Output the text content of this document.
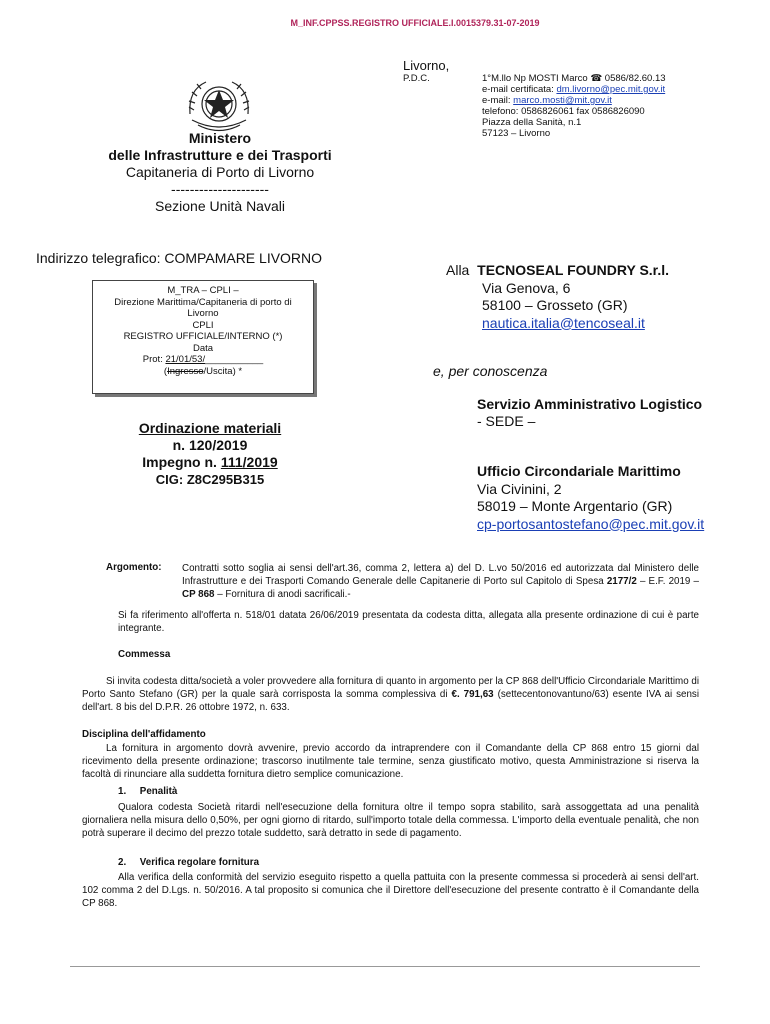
M_INF.CPPSS.REGISTRO UFFICIALE.I.0015379.31-07-2019
Ministero
delle Infrastrutture e dei Trasporti
Capitaneria di Porto di Livorno
---------------------
Sezione Unità Navali
Indirizzo telegrafico: COMPAMARE LIVORNO
M_TRA – CPLI –
Direzione Marittima/Capitaneria di porto di
Livorno
CPLI
REGISTRO UFFICIALE/INTERNO (*)
Data
Prot: 21/01/53/___________
(Ingresso/Uscita) *
Ordinazione materiali
n. 120/2019
Impegno n. 111/2019
CIG: Z8C295B315
Livorno,
P.D.C.	1°M.llo Np MOSTI Marco ☎ 0586/82.60.13
e-mail certificata: dm.livorno@pec.mit.gov.it
e-mail: marco.mosti@mit.gov.it
telefono: 0586826061 fax 0586826090
Piazza della Sanità, n.1
57123 – Livorno
Alla TECNOSEAL FOUNDRY S.r.l.
Via Genova, 6
58100 – Grosseto (GR)
nautica.italia@tencoseal.it
e, per conoscenza
Servizio Amministrativo Logistico
- SEDE –
Ufficio Circondariale Marittimo
Via Civinini, 2
58019 – Monte Argentario (GR)
cp-portosantostefano@pec.mit.gov.it
Argomento: Contratti sotto soglia ai sensi dell'art.36, comma 2, lettera a) del D. L.vo 50/2016 ed autorizzata dal Ministero delle Infrastrutture e dei Trasporti Comando Generale delle Capitanerie di Porto sul Capitolo di Spesa 2177/2 – E.F. 2019 – CP 868 – Fornitura di anodi sacrificali.-
Si fa riferimento all'offerta n. 518/01 datata 26/06/2019 presentata da codesta ditta, allegata alla presente ordinazione di cui è parte integrante.
Commessa
Si invita codesta ditta/società a voler provvedere alla fornitura di quanto in argomento per la CP 868 dell'Ufficio Circondariale Marittimo di Porto Santo Stefano (GR) per la quale sarà corrisposta la somma complessiva di €. 791,63 (settecentonovantuno/63) esente IVA ai sensi dell'art. 8 bis del D.P.R. 26 ottobre 1972, n. 633.
Disciplina dell'affidamento
La fornitura in argomento dovrà avvenire, previo accordo da intraprendere con il Comandante della CP 868 entro 15 giorni dal ricevimento della presente ordinazione; trascorso inutilmente tale termine, senza giustificato motivo, questa Amministrazione si riserva la facoltà di rinunciare alla suddetta fornitura dietro semplice comunicazione.
1.     Penalità
Qualora codesta Società ritardi nell'esecuzione della fornitura oltre il tempo sopra stabilito, sarà assoggettata ad una penalità giornaliera nella misura dello 0,50%, per ogni giorno di ritardo, sull'importo totale della commessa. L'importo della eventuale penalità, che non potrà superare il decimo del prezzo totale suddetto, sarà detratto in sede di pagamento.
2.     Verifica regolare fornitura
Alla verifica della conformità del servizio eseguito rispetto a quella pattuita con la presente commessa si procederà ai sensi dell'art. 102 comma 2 del D.Lgs. n. 50/2016. A tal proposito si comunica che il Direttore dell'esecuzione del presente contratto è il Comandante della CP 868.
